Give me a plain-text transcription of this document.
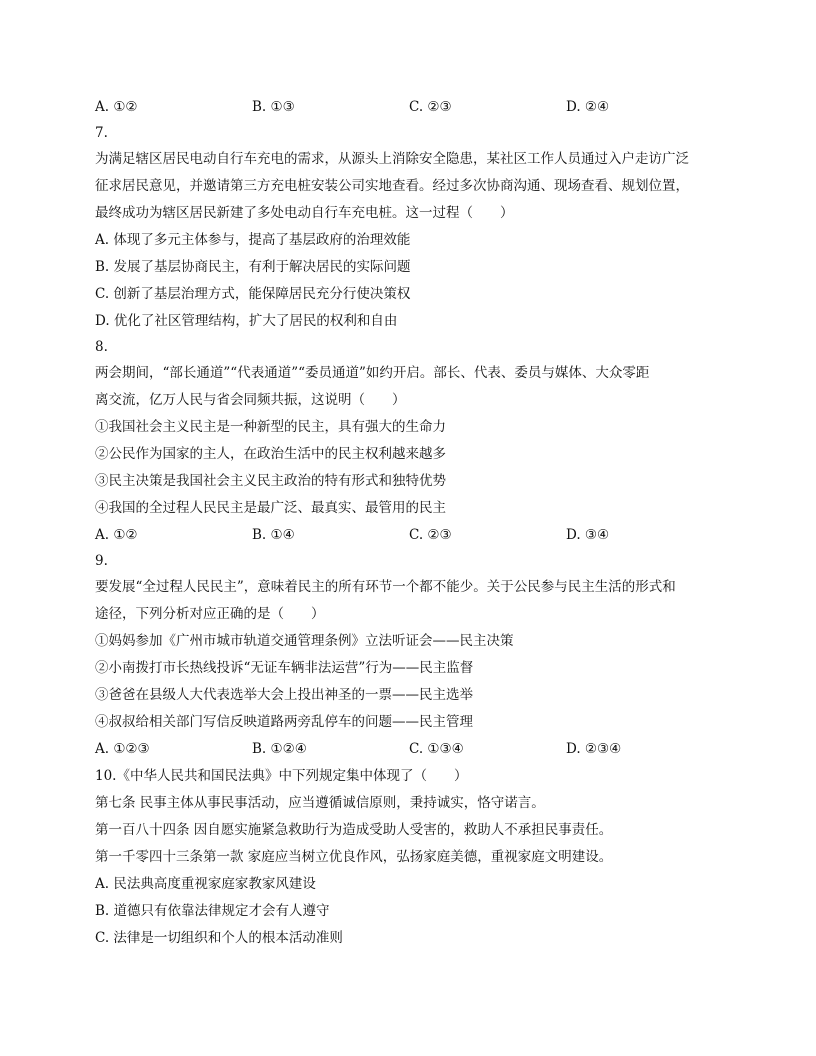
A. ①②	B. ①③	C. ②③	D. ②④
7.
为满足辖区居民电动自行车充电的需求，从源头上消除安全隐患，某社区工作人员通过入户走访广泛
征求居民意见，并邀请第三方充电桩安装公司实地查看。经过多次协商沟通、现场查看、规划位置，
最终成功为辖区居民新建了多处电动自行车充电桩。这一过程（　　）
A. 体现了多元主体参与，提高了基层政府的治理效能
B. 发展了基层协商民主，有利于解决居民的实际问题
C. 创新了基层治理方式，能保障居民充分行使决策权
D. 优化了社区管理结构，扩大了居民的权利和自由
8.
两会期间，“部长通道”“代表通道”“委员通道”如约开启。部长、代表、委员与媒体、大众零距
离交流，亿万人民与省会同频共振，这说明（　　）
①我国社会主义民主是一种新型的民主，具有强大的生命力
②公民作为国家的主人，在政治生活中的民主权利越来越多
③民主决策是我国社会主义民主政治的特有形式和独特优势
④我国的全过程人民民主是最广泛、最真实、最管用的民主
A. ①②	B. ①④	C. ②③	D. ③④
9.
要发展“全过程人民民主”，意味着民主的所有环节一个都不能少。关于公民参与民主生活的形式和
途径，下列分析对应正确的是（　　）
①妈妈参加《广州市城市轨道交通管理条例》立法听证会——民主决策
②小南拨打市长热线投诉“无证车辆非法运营”行为——民主监督
③爸爸在县级人大代表选举大会上投出神圣的一票——民主选举
④叔叔给相关部门写信反映道路两旁乱停车的问题——民主管理
A. ①②③	B. ①②④	C. ①③④	D. ②③④
10.《中华人民共和国民法典》中下列规定集中体现了（　　）
第七条 民事主体从事民事活动，应当遵循诚信原则，秉持诚实，恪守诺言。
第一百八十四条 因自愿实施紧急救助行为造成受助人受害的，救助人不承担民事责任。
第一千零四十三条第一款 家庭应当树立优良作风，弘扬家庭美德，重视家庭文明建设。
A. 民法典高度重视家庭家教家风建设
B. 道德只有依靠法律规定才会有人遵守
C. 法律是一切组织和个人的根本活动准则
